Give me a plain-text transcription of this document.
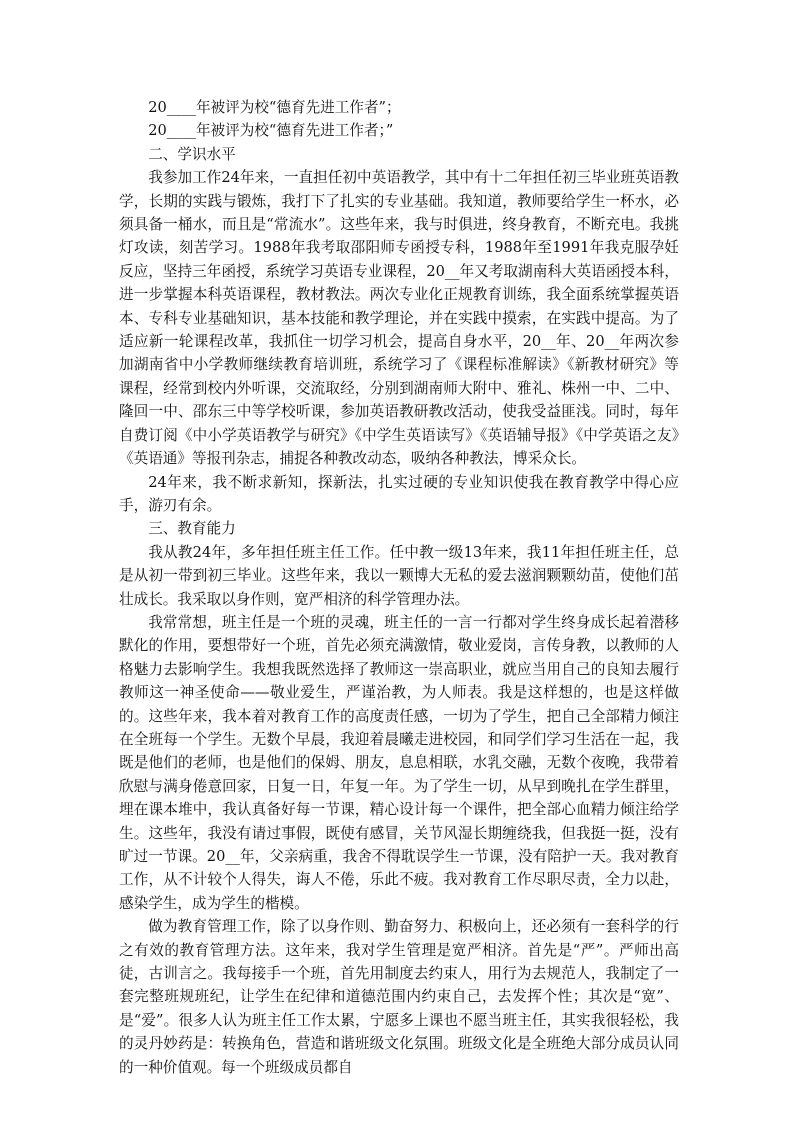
20____年被评为校“德育先进工作者”；

20____年被评为校“德育先进工作者；”

二、学识水平

我参加工作24年来，一直担任初中英语教学，其中有十二年担任初三毕业班英语教学，长期的实践与锻炼，我打下了扎实的专业基础。我知道，教师要给学生一杯水，必须具备一桶水，而且是“常流水”。这些年来，我与时俱进，终身教育，不断充电。我挑灯攻读，刻苦学习。1988年我考取邵阳师专函授专科，1988年至1991年我克服孕妊反应，坚持三年函授，系统学习英语专业课程，20__年又考取湖南科大英语函授本科，进一步掌握本科英语课程，教材教法。两次专业化正规教育训练，我全面系统掌握英语本、专科专业基础知识，基本技能和教学理论，并在实践中摸索，在实践中提高。为了适应新一轮课程改革，我抓住一切学习机会，提高自身水平，20__年、20__年两次参加湖南省中小学教师继续教育培训班，系统学习了《课程标准解读》《新教材研究》等课程，经常到校内外听课，交流取经，分别到湖南师大附中、雅礼、株州一中、二中、隆回一中、邵东三中等学校听课，参加英语教研教改活动，使我受益匪浅。同时，每年自费订阅《中小学英语教学与研究》《中学生英语读写》《英语辅导报》《中学英语之友》《英语通》等报刊杂志，捕捉各种教改动态，吸纳各种教法，博采众长。

24年来，我不断求新知，探新法，扎实过硬的专业知识使我在教育教学中得心应手，游刃有余。

三、教育能力

我从教24年，多年担任班主任工作。任中教一级13年来，我11年担任班主任，总是从初一带到初三毕业。这些年来，我以一颗博大无私的爱去滋润颗颗幼苗，使他们茁壮成长。我采取以身作则，宽严相济的科学管理办法。

我常常想，班主任是一个班的灵魂，班主任的一言一行都对学生终身成长起着潜移默化的作用，要想带好一个班，首先必须充满激情，敬业爱岗，言传身教，以教师的人格魅力去影响学生。我想我既然选择了教师这一崇高职业，就应当用自己的良知去履行教师这一神圣使命——敬业爱生，严谨治教，为人师表。我是这样想的，也是这样做的。这些年来，我本着对教育工作的高度责任感，一切为了学生，把自己全部精力倾注在全班每一个学生。无数个早晨，我迎着晨曦走进校园，和同学们学习生活在一起，我既是他们的老师，也是他们的保姆、朋友，息息相联，水乳交融，无数个夜晚，我带着欣慰与满身倦意回家，日复一日，年复一年。为了学生一切，从早到晚扎在学生群里，埋在课本堆中，我认真备好每一节课，精心设计每一个课件，把全部心血精力倾注给学生。这些年，我没有请过事假，既使有感冒，关节风湿长期缠绕我，但我挺一挺，没有旷过一节课。20__年，父亲病重，我舍不得耽误学生一节课，没有陪护一天。我对教育工作，从不计较个人得失，诲人不倦，乐此不疲。我对教育工作尽职尽责，全力以赴，感染学生，成为学生的楷模。

做为教育管理工作，除了以身作则、勤奋努力、积极向上，还必须有一套科学的行之有效的教育管理方法。这年来，我对学生管理是宽严相济。首先是“严”。严师出高徒，古训言之。我每接手一个班，首先用制度去约束人，用行为去规范人，我制定了一套完整班规班纪，让学生在纪律和道德范围内约束自己，去发挥个性；其次是“宽”、是“爱”。很多人认为班主任工作太累，宁愿多上课也不愿当班主任，其实我很轻松，我的灵丹妙药是：转换角色，营造和谐班级文化氛围。班级文化是全班绝大部分成员认同的一种价值观。每一个班级成员都自
